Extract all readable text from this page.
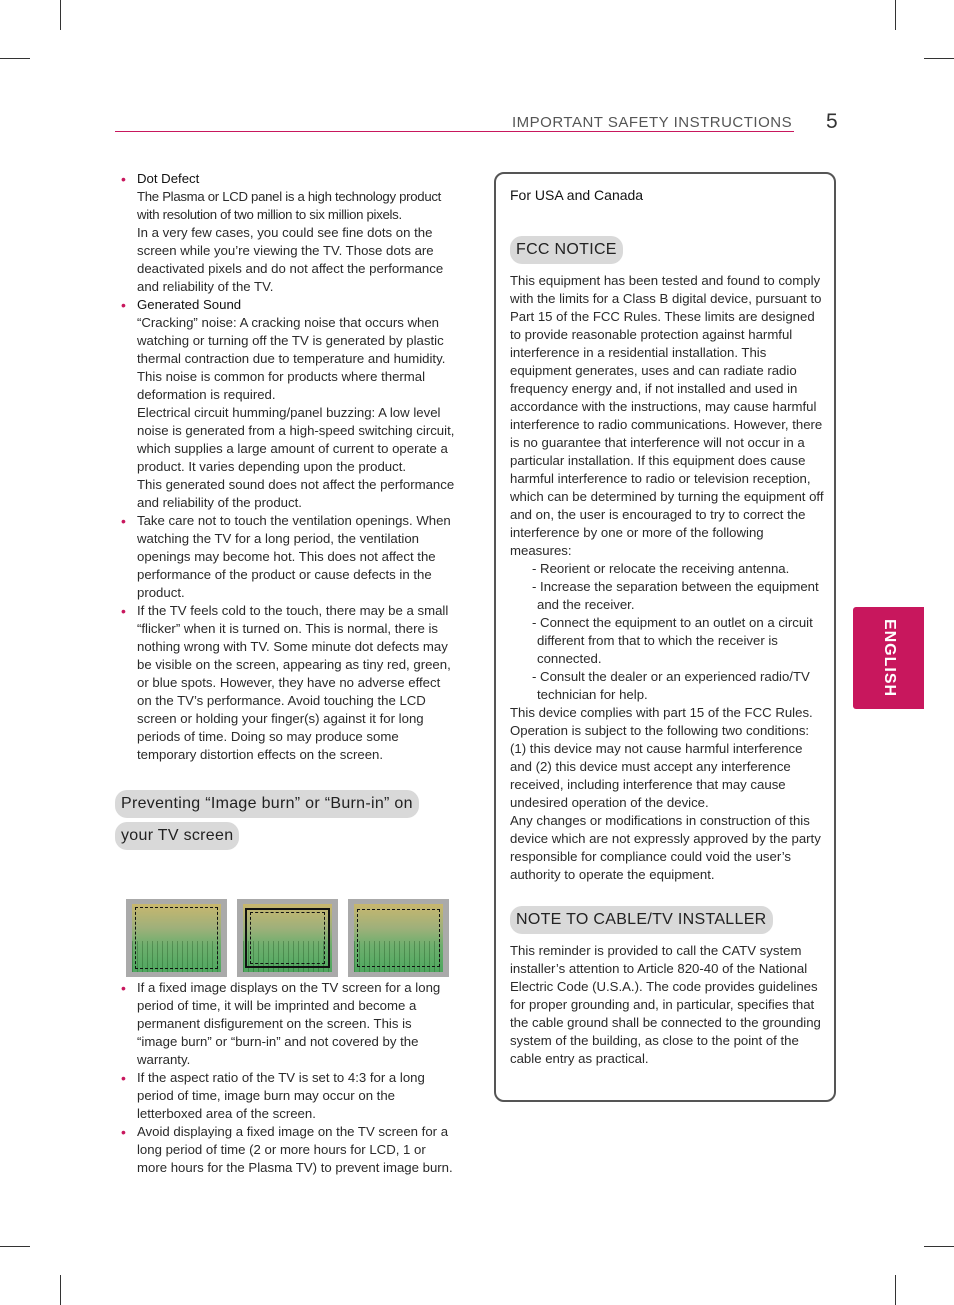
IMPORTANT SAFETY INSTRUCTIONS 5
ENGLISH
• Dot Defect
The Plasma or LCD panel is a high technology product with resolution of two million to six million pixels.
In a very few cases, you could see fine dots on the screen while you’re viewing the TV. Those dots are deactivated pixels and do not affect the performance and reliability of the TV.
• Generated Sound
“Cracking” noise: A cracking noise that occurs when watching or turning off the TV is generated by plastic thermal contraction due to temperature and humidity. This noise is common for products where thermal deformation is required.
Electrical circuit humming/panel buzzing: A low level noise is generated from a high-speed switching circuit, which supplies a large amount of current to operate a product. It varies depending upon the product.
This generated sound does not affect the performance and reliability of the product.
• Take care not to touch the ventilation openings. When watching the TV for a long period, the ventilation openings may become hot. This does not affect the performance of the product or cause defects in the product.
• If the TV feels cold to the touch, there may be a small “flicker” when it is turned on. This is normal, there is nothing wrong with TV. Some minute dot defects may be visible on the screen, appearing as tiny red, green, or blue spots. However, they have no adverse effect on the TV’s performance. Avoid touching the LCD screen or holding your finger(s) against it for long periods of time. Doing so may produce some temporary distortion effects on the screen.
Preventing “Image burn” or “Burn-in” on
your TV screen
• If a fixed image displays on the TV screen for a long period of time, it will be imprinted and become a permanent disfigurement on the screen. This is “image burn” or “burn-in” and not covered by the warranty.
• If the aspect ratio of the TV is set to 4:3 for a long period of time, image burn may occur on the letterboxed area of the screen.
• Avoid displaying a fixed image on the TV screen for a long period of time (2 or more hours for LCD, 1 or more hours for the Plasma TV) to prevent image burn.
For USA and Canada
FCC NOTICE
This equipment has been tested and found to comply with the limits for a Class B digital device, pursuant to Part 15 of the FCC Rules. These limits are designed to provide reasonable protection against harmful interference in a residential installation. This equipment generates, uses and can radiate radio frequency energy and, if not installed and used in accordance with the instructions, may cause harmful interference to radio communications. However, there is no guarantee that interference will not occur in a particular installation. If this equipment does cause harmful interference to radio or television reception, which can be determined by turning the equipment off and on, the user is encouraged to try to correct the interference by one or more of the following measures:
- Reorient or relocate the receiving antenna.
- Increase the separation between the equipment and the receiver.
- Connect the equipment to an outlet on a circuit different from that to which the receiver is connected.
- Consult the dealer or an experienced radio/TV technician for help.
This device complies with part 15 of the FCC Rules. Operation is subject to the following two conditions: (1) this device may not cause harmful interference and (2) this device must accept any interference received, including interference that may cause undesired operation of the device.
Any changes or modifications in construction of this device which are not expressly approved by the party responsible for compliance could void the user’s authority to operate the equipment.
NOTE TO CABLE/TV INSTALLER
This reminder is provided to call the CATV system installer’s attention to Article 820-40 of the National Electric Code (U.S.A.). The code provides guidelines for proper grounding and, in particular, specifies that the cable ground shall be connected to the grounding system of the building, as close to the point of the cable entry as practical.
